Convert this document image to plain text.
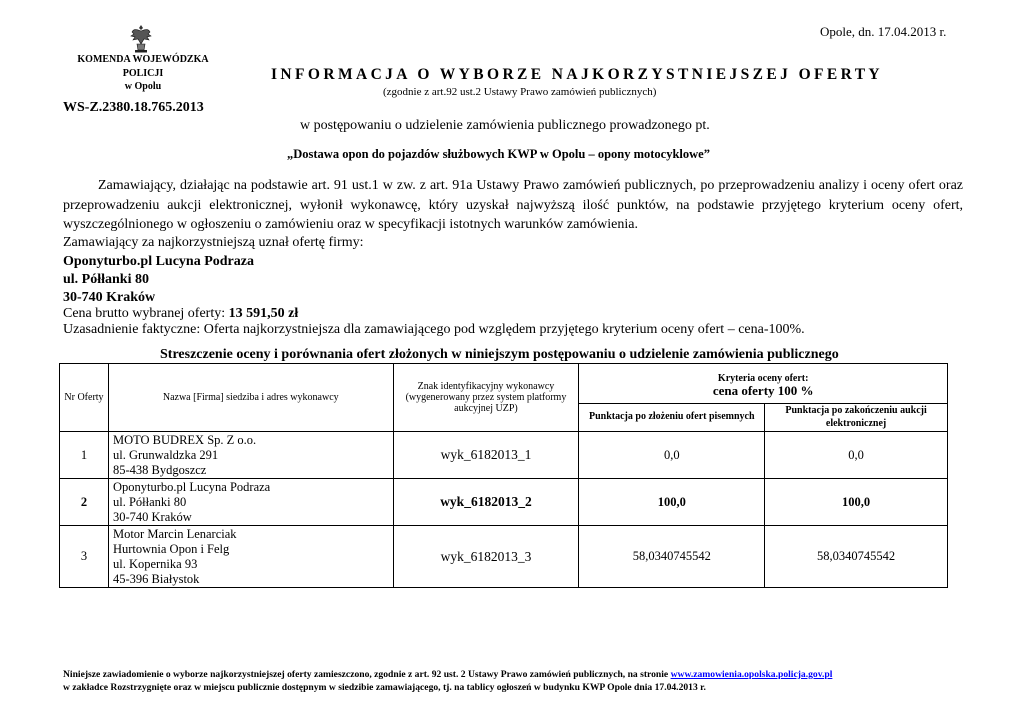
Opole, dn. 17.04.2013 r.
KOMENDA WOJEWÓDZKA
POLICJI
w Opolu
WS-Z.2380.18.765.2013
INFORMACJA O WYBORZE NAJKORZYSTNIEJSZEJ OFERTY
(zgodnie z art.92 ust.2 Ustawy Prawo zamówień publicznych)
w postępowaniu o udzielenie zamówienia publicznego prowadzonego pt.
„Dostawa opon do pojazdów służbowych KWP w Opolu – opony motocyklowe”
Zamawiający, działając na podstawie art. 91 ust.1 w zw. z art. 91a Ustawy Prawo zamówień publicznych, po przeprowadzeniu analizy i oceny ofert oraz przeprowadzeniu aukcji elektronicznej, wyłonił wykonawcę, który uzyskał najwyższą ilość punktów, na podstawie przyjętego kryterium oceny ofert, wyszczególnionego w ogłoszeniu o zamówieniu oraz w specyfikacji istotnych warunków zamówienia.
Zamawiający za najkorzystniejszą uznał ofertę firmy:
Oponyturbo.pl Lucyna Podraza
ul. Półłanki 80
30-740 Kraków
Cena brutto wybranej oferty: 13 591,50 zł
Uzasadnienie faktyczne: Oferta najkorzystniejsza dla zamawiającego pod względem przyjętego kryterium oceny ofert – cena-100%.
Streszczenie oceny i porównania ofert złożonych w niniejszym postępowaniu o udzielenie zamówienia publicznego
Nr Oferty	Nazwa [Firma] siedziba i adres wykonawcy	Znak identyfikacyjny wykonawcy (wygenerowany przez system platformy aukcyjnej UZP)	Kryteria oceny ofert:
cena oferty 100 %	

			Punktacja po złożeniu ofert pisemnych	Punktacja po zakończeniu aukcji elektronicznej
1	MOTO BUDREX Sp. Z o.o.
ul. Grunwaldzka 291
85-438 Bydgoszcz	wyk_6182013_1	0,0	0,0
2	Oponyturbo.pl Lucyna Podraza
ul. Półłanki 80
30-740 Kraków	wyk_6182013_2	100,0	100,0
3	Motor Marcin Lenarciak
Hurtownia Opon i Felg
ul. Kopernika 93
45-396 Białystok	wyk_6182013_3	58,0340745542	58,0340745542
Niniejsze zawiadomienie o wyborze najkorzystniejszej oferty zamieszczono, zgodnie z art. 92 ust. 2 Ustawy Prawo zamówień publicznych, na stronie www.zamowienia.opolska.policja.gov.pl
w zakładce Rozstrzygnięte oraz w miejscu publicznie dostępnym w siedzibie zamawiającego, tj. na tablicy ogłoszeń w budynku KWP Opole dnia 17.04.2013 r.
